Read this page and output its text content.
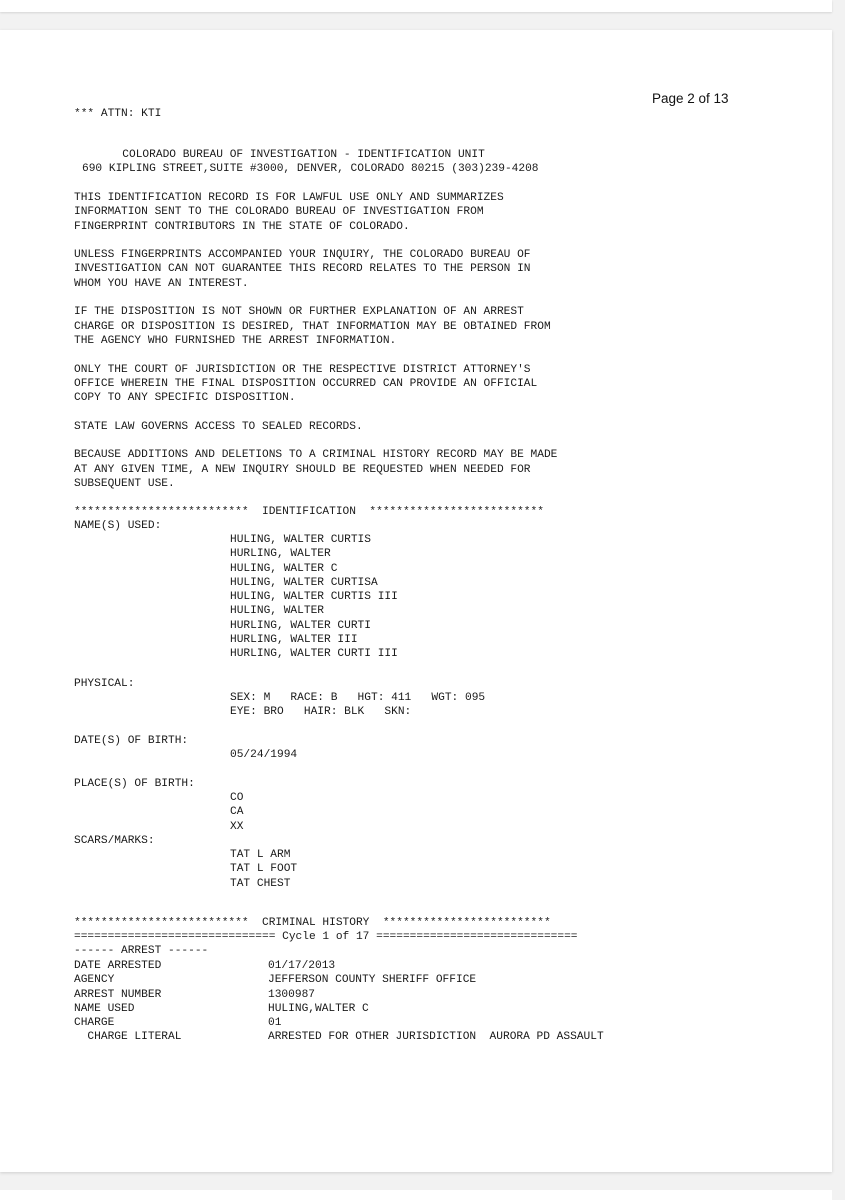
Page 2 of 13

*** ATTN: KTI

COLORADO BUREAU OF INVESTIGATION - IDENTIFICATION UNIT
690 KIPLING STREET,SUITE #3000, DENVER, COLORADO 80215 (303)239-4208

THIS IDENTIFICATION RECORD IS FOR LAWFUL USE ONLY AND SUMMARIZES
INFORMATION SENT TO THE COLORADO BUREAU OF INVESTIGATION FROM
FINGERPRINT CONTRIBUTORS IN THE STATE OF COLORADO.

UNLESS FINGERPRINTS ACCOMPANIED YOUR INQUIRY, THE COLORADO BUREAU OF
INVESTIGATION CAN NOT GUARANTEE THIS RECORD RELATES TO THE PERSON IN
WHOM YOU HAVE AN INTEREST.

IF THE DISPOSITION IS NOT SHOWN OR FURTHER EXPLANATION OF AN ARREST
CHARGE OR DISPOSITION IS DESIRED, THAT INFORMATION MAY BE OBTAINED FROM
THE AGENCY WHO FURNISHED THE ARREST INFORMATION.

ONLY THE COURT OF JURISDICTION OR THE RESPECTIVE DISTRICT ATTORNEY'S
OFFICE WHEREIN THE FINAL DISPOSITION OCCURRED CAN PROVIDE AN OFFICIAL
COPY TO ANY SPECIFIC DISPOSITION.

STATE LAW GOVERNS ACCESS TO SEALED RECORDS.

BECAUSE ADDITIONS AND DELETIONS TO A CRIMINAL HISTORY RECORD MAY BE MADE
AT ANY GIVEN TIME, A NEW INQUIRY SHOULD BE REQUESTED WHEN NEEDED FOR
SUBSEQUENT USE.

**************************  IDENTIFICATION  **************************

NAME(S) USED:

HULING, WALTER CURTIS
HURLING, WALTER
HULING, WALTER C
HULING, WALTER CURTISA
HULING, WALTER CURTIS III
HULING, WALTER
HURLING, WALTER CURTI
HURLING, WALTER III
HURLING, WALTER CURTI III

PHYSICAL:

SEX: M   RACE: B   HGT: 411   WGT: 095
EYE: BRO   HAIR: BLK   SKN:

DATE(S) OF BIRTH:

05/24/1994

PLACE(S) OF BIRTH:

CO
CA
XX

SCARS/MARKS:

TAT L ARM
TAT L FOOT
TAT CHEST

**************************  CRIMINAL HISTORY  *************************

============================== Cycle 1 of 17 ==============================

------ ARREST ------

DATE ARRESTED	01/17/2013

AGENCY	JEFFERSON COUNTY SHERIFF OFFICE

ARREST NUMBER	1300987

NAME USED	HULING,WALTER C

CHARGE	01

CHARGE LITERAL	ARRESTED FOR OTHER JURISDICTION  AURORA PD ASSAULT
